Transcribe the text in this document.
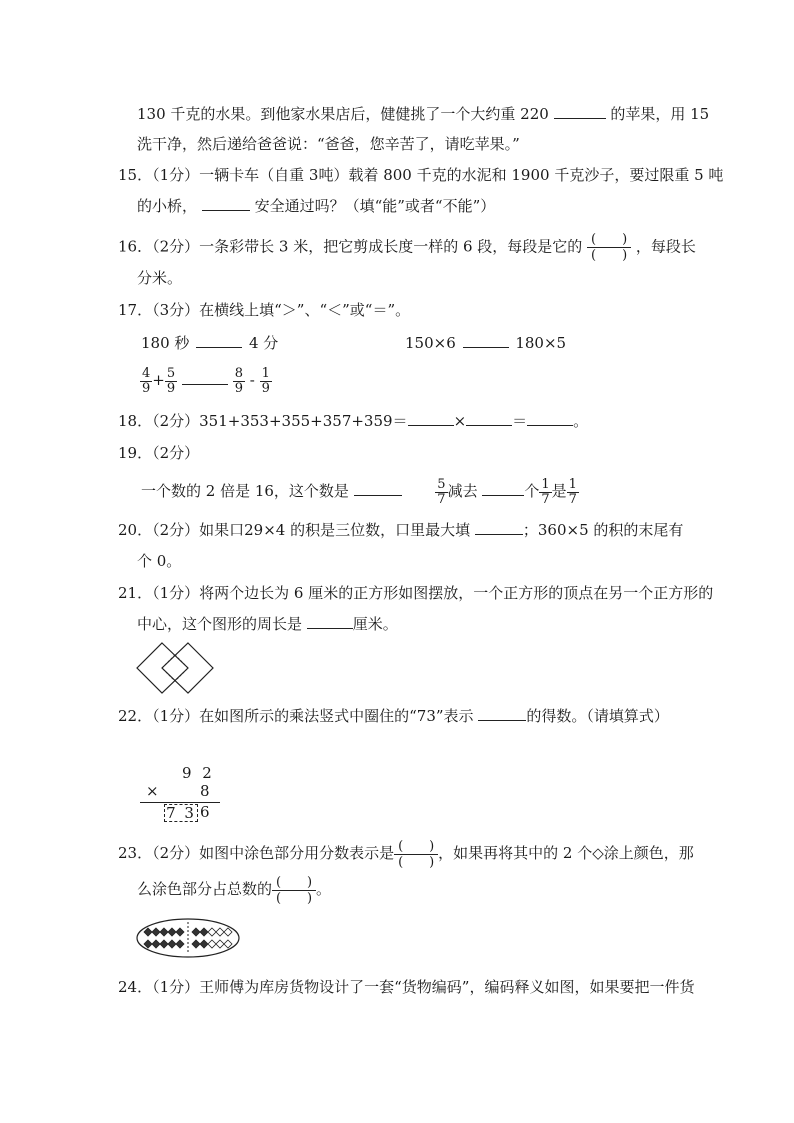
130 千克的水果。到他家水果店后，健健挑了一个大约重 220	的苹果，用 15
洗干净，然后递给爸爸说：“爸爸，您辛苦了，请吃苹果。”
15．（1分）一辆卡车（自重 3吨）载着 800 千克的水泥和 1900 千克沙子，要过限重 5 吨
的小桥，	安全通过吗？（填“能”或者“不能”）
16．（2分）一条彩带长 3 米，把它剪成长度一样的 6 段，每段是它的 $\frac{( )}{( )}$ ，每段长
分米。
17．（3分）在横线上填“＞”、“＜”或“＝”。
180 秒	4 分	150×6	180×5
$\frac{4}{9} + \frac{5}{9}$
	$\frac{8}{9} - \frac{1}{9}$
18．（2分）351+353+355+357+359＝	×	＝	。
19．（2分）
一个数的 2 倍是 16，这个数是	$\frac{5}{7}$ 减去	个 $\frac{1}{7}$ 是 $\frac{1}{7}$
20．（2分）如果口29×4 的积是三位数，口里最大填	；360×5 的积的末尾有
个 0。
21．（1分）将两个边长为 6 厘米的正方形如图摆放，一个正方形的顶点在另一个正方形的
中心，这个图形的周长是	厘米。
22．（1分）在如图所示的乘法竖式中圈住的“73”表示	的得数。（请填算式）
9 2
×	8
7 3 6
23．（2分）如图中涂色部分用分数表示是 $\frac{( )}{( )}$ ，如果再将其中的 2 个◇涂上颜色，那
么涂色部分占总数的 $\frac{( )}{( )}$ 。
24．（1分）王师傅为库房货物设计了一套“货物编码”，编码释义如图，如果要把一件货
